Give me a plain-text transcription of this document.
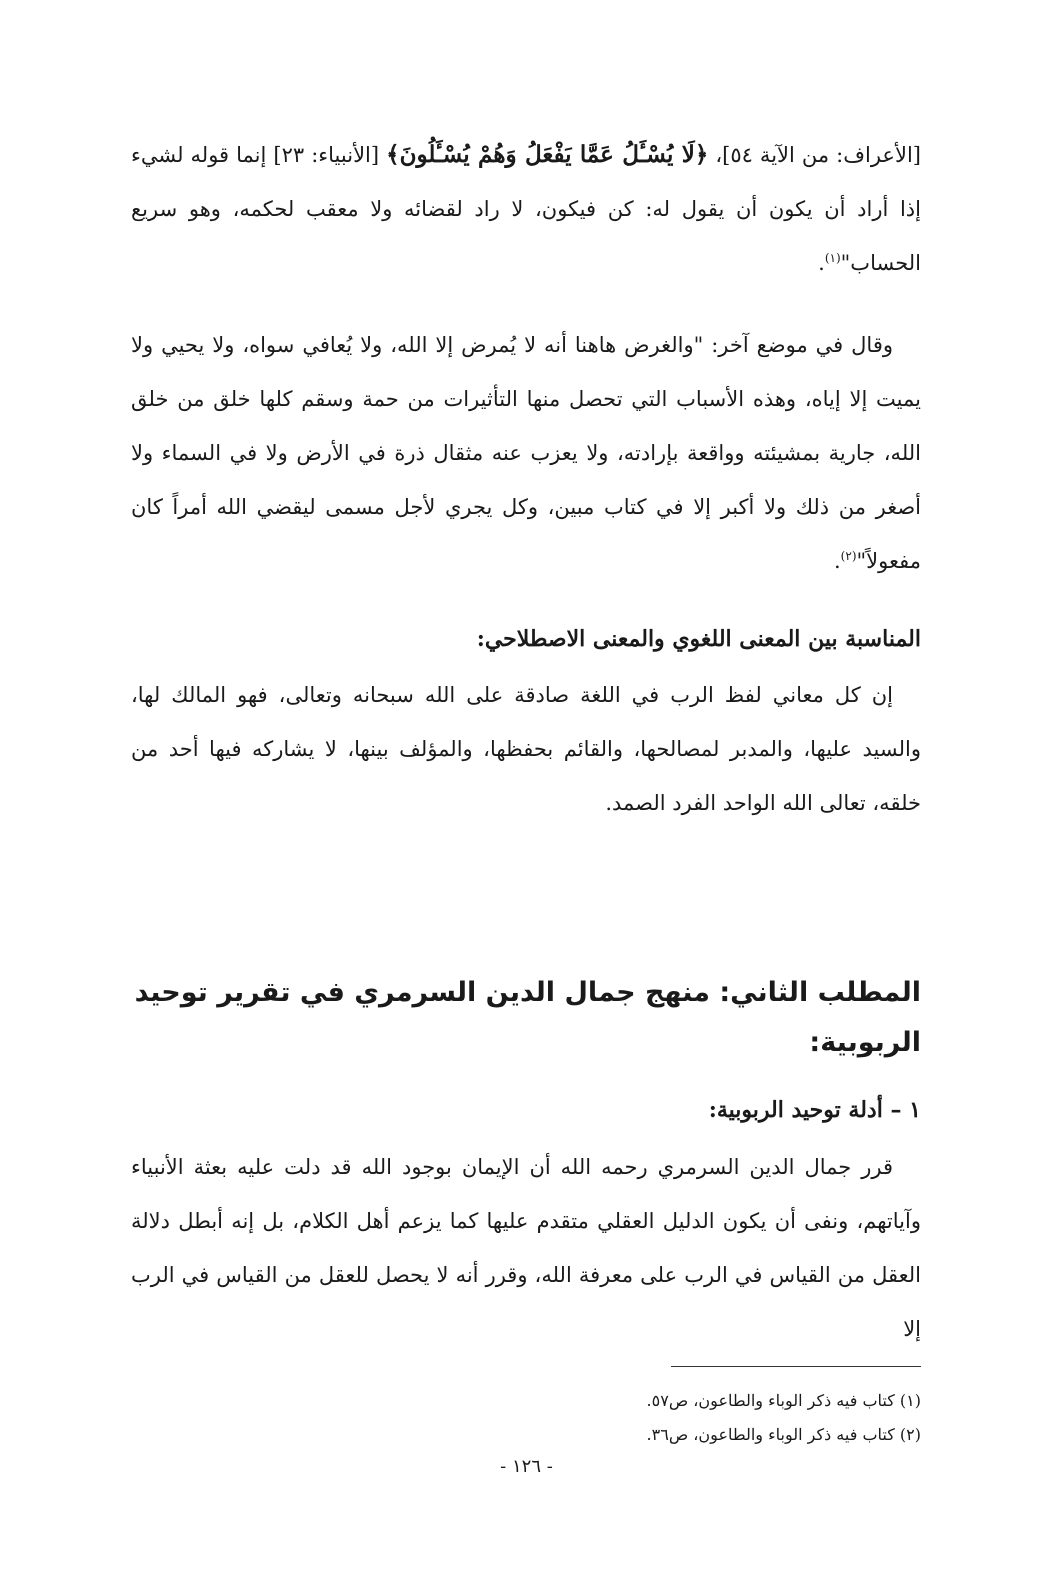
[الأعراف: من الآية ٥٤]، ﴿لَا يُسْـَٔلُ عَمَّا يَفْعَلُ وَهُمْ يُسْـَٔلُونَ﴾ [الأنبياء: ٢٣] إنما قوله لشيء إذا أراد أن يكون أن يقول له: كن فيكون، لا راد لقضائه ولا معقب لحكمه، وهو سريع الحساب"$^{(١)}$.

وقال في موضع آخر: "والغرض هاهنا أنه لا يُمرض إلا الله، ولا يُعافي سواه، ولا يحيي ولا يميت إلا إياه، وهذه الأسباب التي تحصل منها التأثيرات من حمة وسقم كلها خلق من خلق الله، جارية بمشيئته وواقعة بإرادته، ولا يعزب عنه مثقال ذرة في الأرض ولا في السماء ولا أصغر من ذلك ولا أكبر إلا في كتاب مبين، وكل يجري لأجل مسمى ليقضي الله أمراً كان مفعولاً"$^{(٢)}$.

المناسبة بين المعنى اللغوي والمعنى الاصطلاحي:

إن كل معاني لفظ الرب في اللغة صادقة على الله سبحانه وتعالى، فهو المالك لها، والسيد عليها، والمدبر لمصالحها، والقائم بحفظها، والمؤلف بينها، لا يشاركه فيها أحد من خلقه، تعالى الله الواحد الفرد الصمد.

المطلب الثاني: منهج جمال الدين السرمري في تقرير توحيد الربوبية:
١ – أدلة توحيد الربوبية:

قرر جمال الدين السرمري رحمه الله أن الإيمان بوجود الله قد دلت عليه بعثة الأنبياء وآياتهم، ونفى أن يكون الدليل العقلي متقدم عليها كما يزعم أهل الكلام، بل إنه أبطل دلالة العقل من القياس في الرب على معرفة الله، وقرر أنه لا يحصل للعقل من القياس في الرب إلا

(١) كتاب فيه ذكر الوباء والطاعون، ص٥٧.
(٢) كتاب فيه ذكر الوباء والطاعون، ص٣٦.
- ١٢٦ -
